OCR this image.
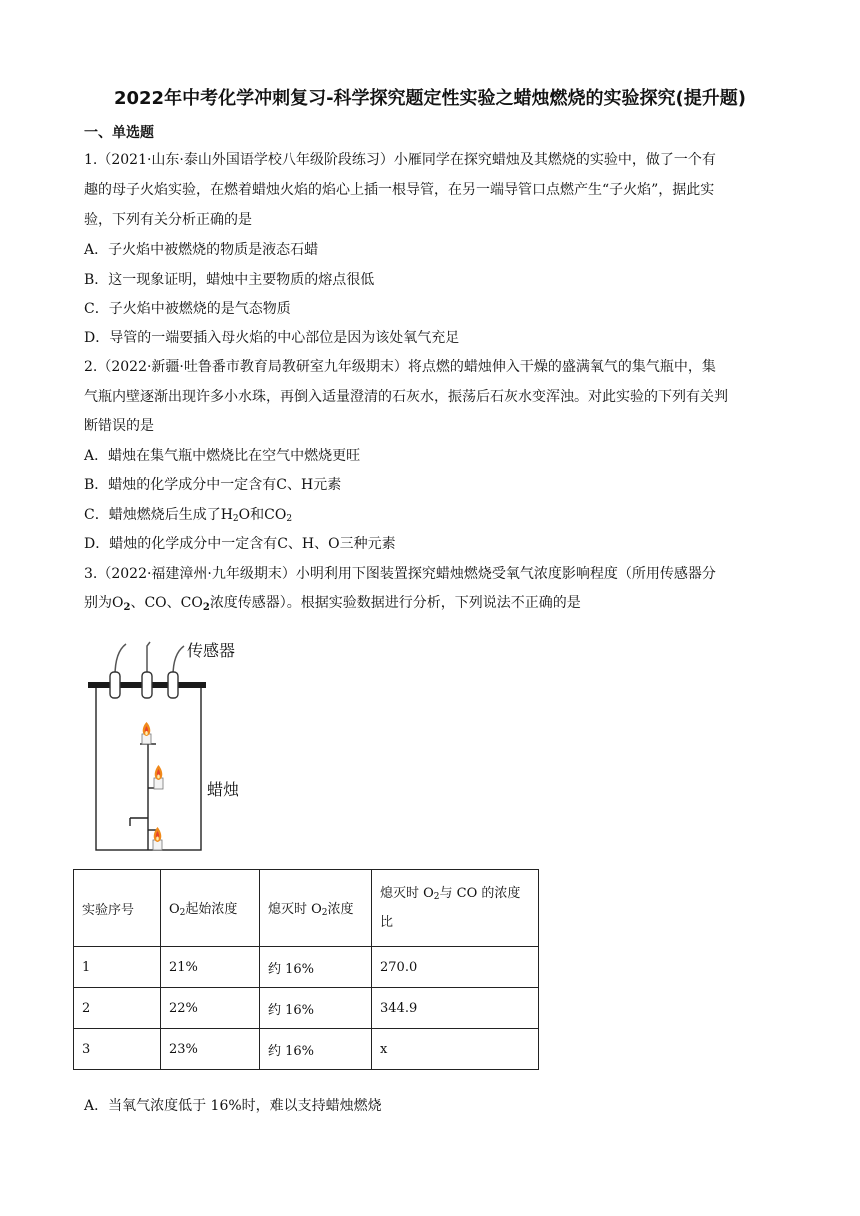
2022年中考化学冲刺复习-科学探究题定性实验之蜡烛燃烧的实验探究(提升题)
一、单选题
1.（2021·山东·泰山外国语学校八年级阶段练习）小雁同学在探究蜡烛及其燃烧的实验中，做了一个有
趣的母子火焰实验，在燃着蜡烛火焰的焰心上插一根导管，在另一端导管口点燃产生“子火焰”，据此实
验，下列有关分析正确的是
A．子火焰中被燃烧的物质是液态石蜡
B．这一现象证明，蜡烛中主要物质的熔点很低
C．子火焰中被燃烧的是气态物质
D．导管的一端要插入母火焰的中心部位是因为该处氧气充足
2.（2022·新疆·吐鲁番市教育局教研室九年级期末）将点燃的蜡烛伸入干燥的盛满氧气的集气瓶中，集
气瓶内壁逐渐出现许多小水珠，再倒入适量澄清的石灰水，振荡后石灰水变浑浊。对此实验的下列有关判
断错误的是
A．蜡烛在集气瓶中燃烧比在空气中燃烧更旺
B．蜡烛的化学成分中一定含有C、H元素
C．蜡烛燃烧后生成了$H_2O$和$CO_2$
D．蜡烛的化学成分中一定含有C、H、O三种元素
3.（2022·福建漳州·九年级期末）小明利用下图装置探究蜡烛燃烧受氧气浓度影响程度（所用传感器分
别为$O_2$、CO、$CO_2$浓度传感器）。根据实验数据进行分析，下列说法不正确的是
传感器
蜡烛
实验序号	$O_2$起始浓度	熄灭时 $O_2$浓度	熄灭时 $O_2$与 CO 的浓度
比
1	21%	约 16%	270.0
2	22%	约 16%	344.9
3	23%	约 16%	x
A．当氧气浓度低于 16%时，难以支持蜡烛燃烧
